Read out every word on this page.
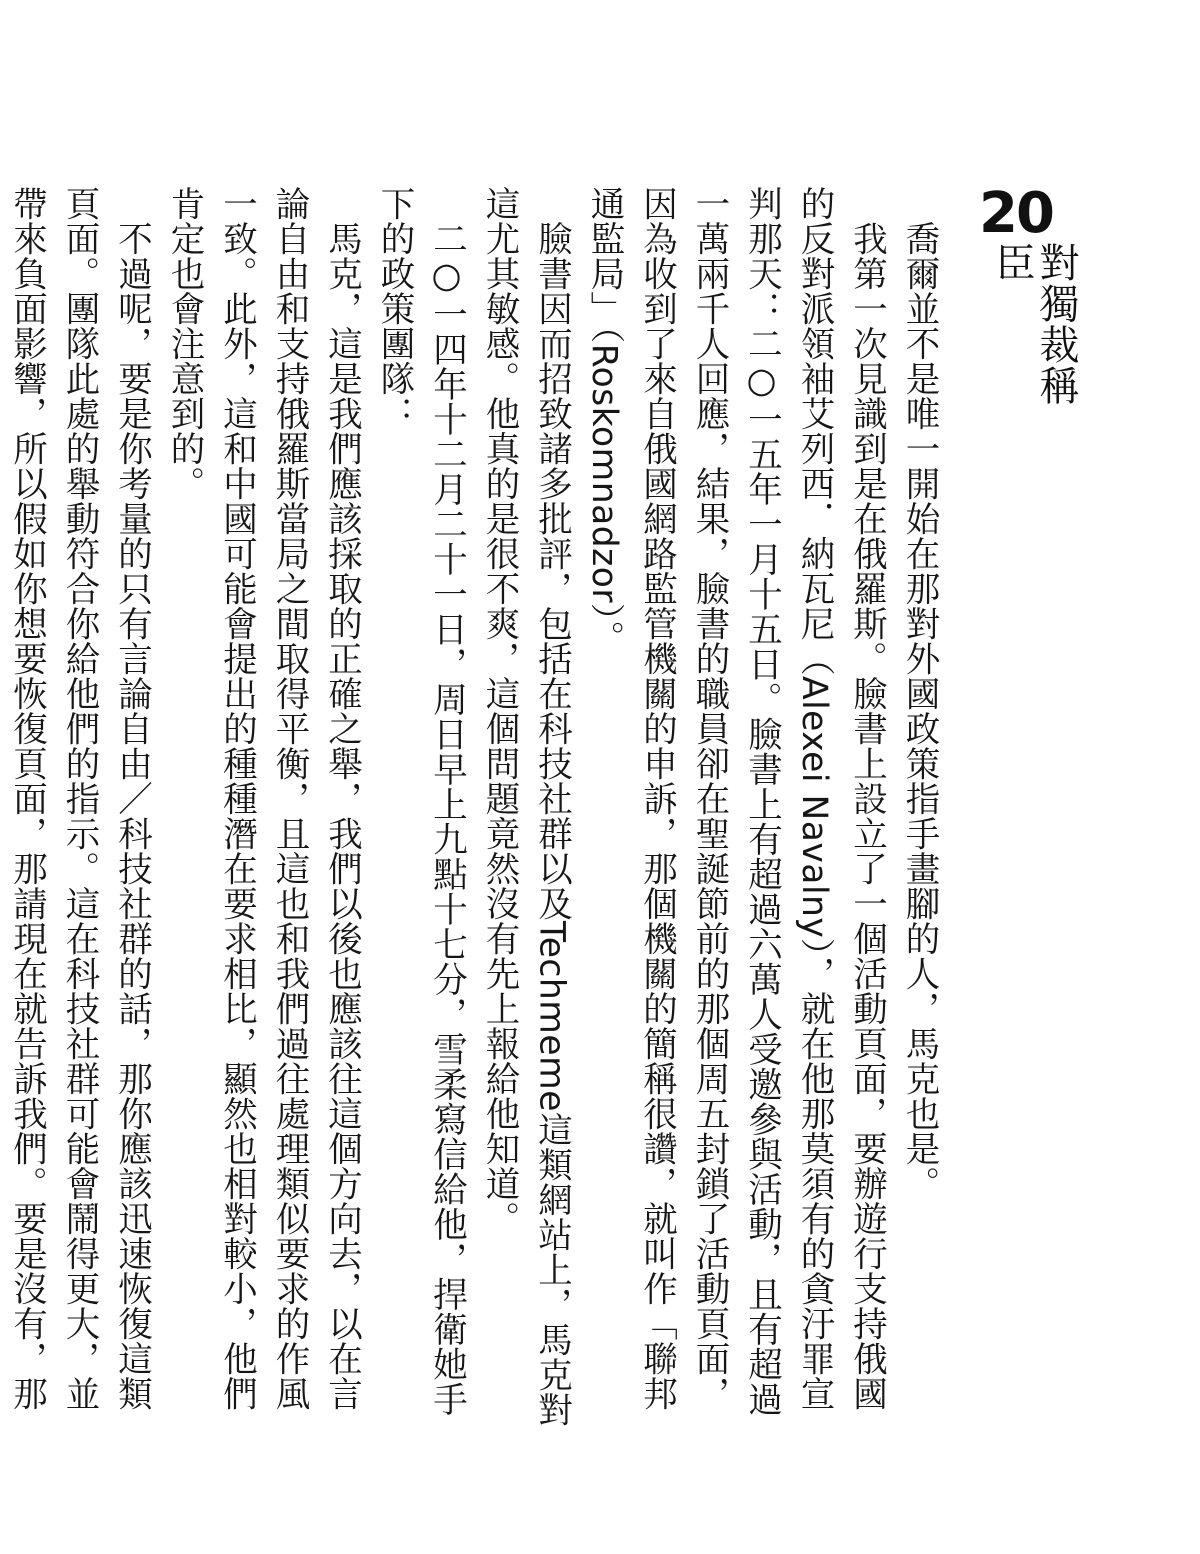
20
對獨裁稱臣

喬爾並不是唯一開始在那對外國政策指手畫腳的人，馬克也是。

我第一次見識到是在俄羅斯。臉書上設立了一個活動頁面，要辦遊行支持俄國的反對派領袖艾列西．納瓦尼（Alexei Navalny），就在他那莫須有的貪汙罪宣判那天：二○一五年一月十五日。臉書上有超過六萬人受邀參與活動，且有超過一萬兩千人回應，結果，臉書的職員卻在聖誕節前的那個周五封鎖了活動頁面，因為收到了來自俄國網路監管機關的申訴，那個機關的簡稱很讚，就叫作「聯邦通監局」（Roskomnadzor）。

臉書因而招致諸多批評，包括在科技社群以及Techmeme這類網站上，馬克對這尤其敏感。他真的是很不爽，這個問題竟然沒有先上報給他知道。

二○一四年十二月二十一日，周日早上九點十七分，雪柔寫信給他，捍衛她手下的政策團隊：

馬克，這是我們應該採取的正確之舉，我們以後也應該往這個方向去，以在言論自由和支持俄羅斯當局之間取得平衡，且這也和我們過往處理類似要求的作風一致。此外，這和中國可能會提出的種種潛在要求相比，顯然也相對較小，他們肯定也會注意到的。

不過呢，要是你考量的只有言論自由／科技社群的話，那你應該迅速恢復這類頁面。團隊此處的舉動符合你給他們的指示。這在科技社群可能會鬧得更大，並帶來負面影響，所以假如你想要恢復頁面，那請現在就告訴我們。要是沒有，那
